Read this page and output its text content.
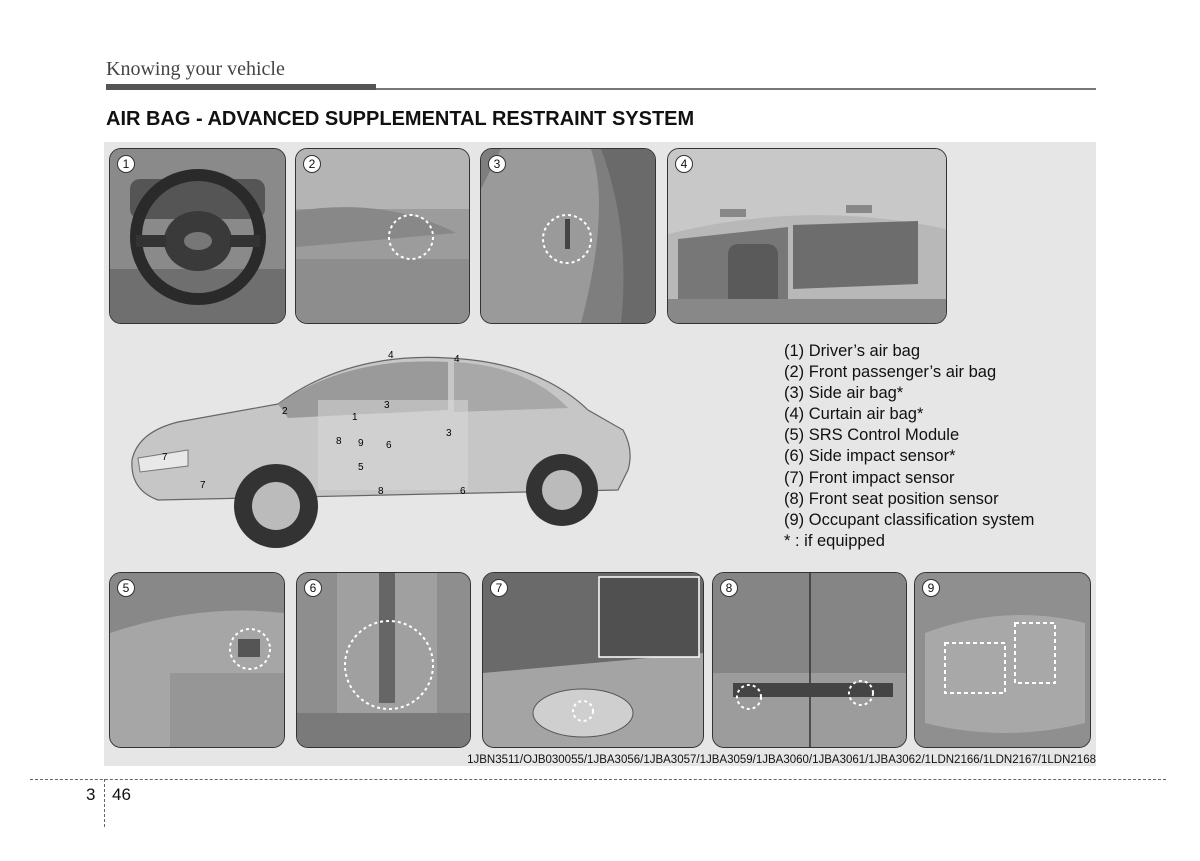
Knowing your vehicle
AIR BAG - ADVANCED SUPPLEMENTAL RESTRAINT SYSTEM
1	2	3	4
4	4
2
1
3
3
8 9 6
5
8	6
7
7
(1) Driver’s air bag
(2) Front passenger’s air bag
(3) Side air bag*
(4) Curtain air bag*
(5) SRS Control Module
(6) Side impact sensor*
(7) Front impact sensor
(8) Front seat position sensor
(9) Occupant classification system
* : if equipped
5	6	7	8	9
1JBN3511/OJB030055/1JBA3056/1JBA3057/1JBA3059/1JBA3060/1JBA3061/1JBA3062/1LDN2166/1LDN2167/1LDN2168
3 46
